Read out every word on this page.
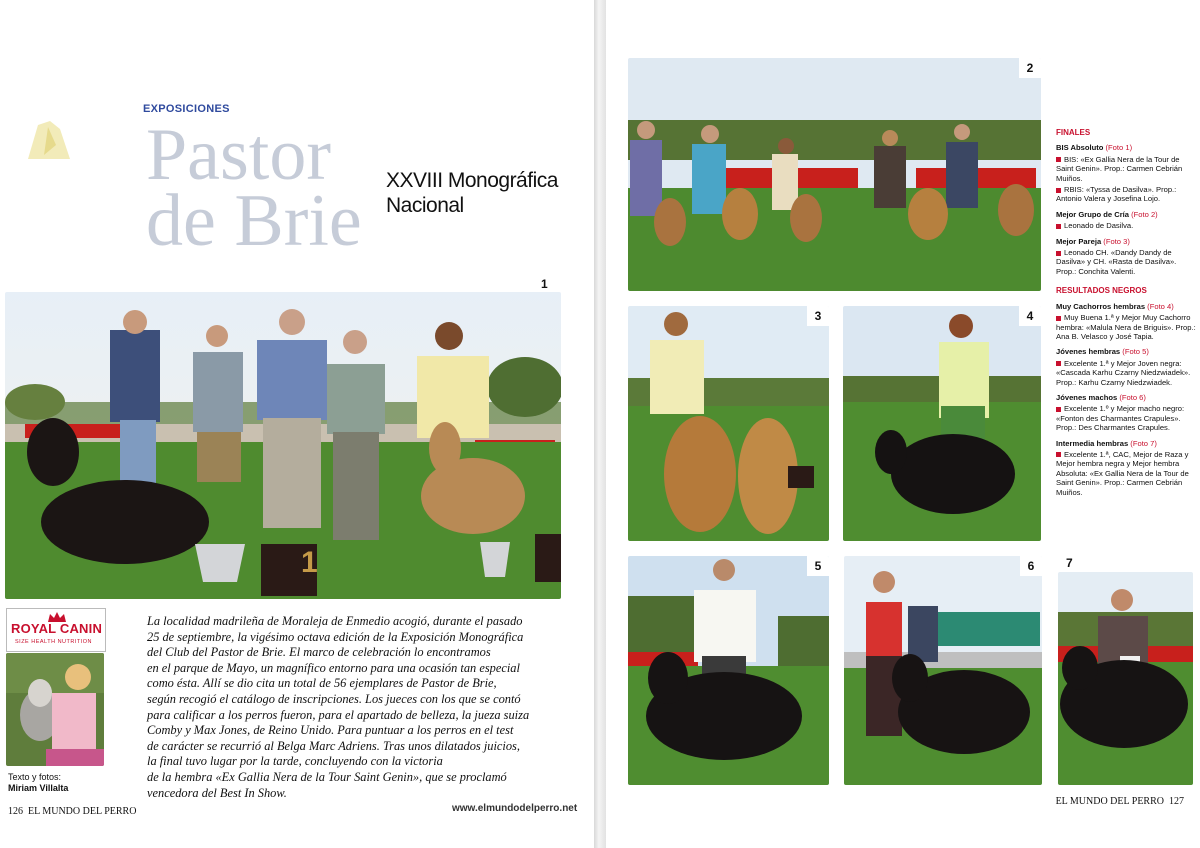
EXPOSICIONES
Pastor
de Brie XXVIII Monográfica
Nacional
1
1
ROYAL CANIN
SIZE HEALTH NUTRITION
Texto y fotos:
Miriam Villalta
La localidad madrileña de Moraleja de Enmedio acogió, durante el pasado
25 de septiembre, la vigésimo octava edición de la Exposición Monográfica
del Club del Pastor de Brie. El marco de celebración lo encontramos
en el parque de Mayo, un magnífico entorno para una ocasión tan especial
como ésta. Allí se dio cita un total de 56 ejemplares de Pastor de Brie,
según recogió el catálogo de inscripciones. Los jueces con los que se contó
para calificar a los perros fueron, para el apartado de belleza, la jueza suiza
Comby y Max Jones, de Reino Unido. Para puntuar a los perros en el test
de carácter se recurrió al Belga Marc Adriens. Tras unos dilatados juicios,
la final tuvo lugar por la tarde, concluyendo con la victoria
de la hembra «Ex Gallia Nera de la Tour Saint Genin», que se proclamó
vencedora del Best In Show.
126 EL MUNDO DEL PERRO	www.elmundodelperro.net
2
3	4
5	6	7
FINALES
BIS Absoluto (Foto 1)
BIS: «Ex Gallia Nera de la Tour de Saint Genin». Prop.: Carmen Cebrián Muiños.
RBIS: «Tyssa de Dasilva». Prop.: Antonio Valera y Josefina Lojo.
Mejor Grupo de Cría (Foto 2)
Leonado de Dasilva.
Mejor Pareja (Foto 3)
Leonado CH. «Dandy Dandy de Dasilva» y CH. «Rasta de Dasilva». Prop.: Conchita Valenti.
RESULTADOS NEGROS
Muy Cachorros hembras (Foto 4)
Muy Buena 1.ª y Mejor Muy Cachorro hembra: «Malula Nera de Briguis». Prop.: Ana B. Velasco y José Tapia.
Jóvenes hembras (Foto 5)
Excelente 1.ª y Mejor Joven negra: «Cascada Karhu Czarny Niedzwiadek». Prop.: Karhu Czarny Niedzwiadek.
Jóvenes machos (Foto 6)
Excelente 1.º y Mejor macho negro: «Fonton des Charmantes Crapules». Prop.: Des Charmantes Crapules.
Intermedia hembras (Foto 7)
Excelente 1.ª, CAC, Mejor de Raza y Mejor hembra negra y Mejor hembra Absoluta: «Ex Gallia Nera de la Tour de Saint Genin». Prop.: Carmen Cebrián Muiños.
EL MUNDO DEL PERRO 127
